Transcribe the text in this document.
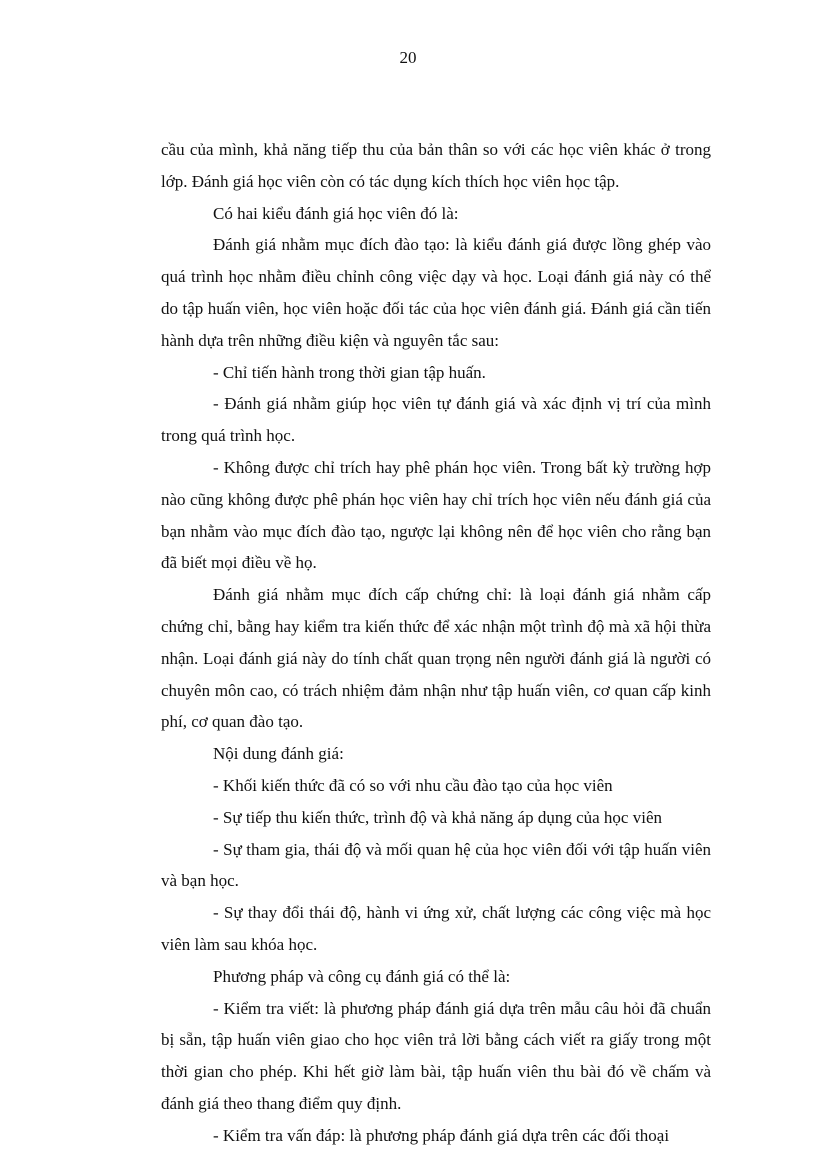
20

cầu của mình, khả năng tiếp thu của bản thân so với các học viên khác ở trong lớp. Đánh giá học viên còn có tác dụng kích thích học viên học tập.

Có hai kiểu đánh giá học viên đó là:

Đánh giá nhằm mục đích đào tạo: là kiểu đánh giá được lồng ghép vào quá trình học nhằm điều chỉnh công việc dạy và học. Loại đánh giá này có thể do tập huấn viên, học viên hoặc đối tác của học viên đánh giá. Đánh giá cần tiến hành dựa trên những điều kiện và nguyên tắc sau:

- Chỉ tiến hành trong thời gian tập huấn.

- Đánh giá nhằm giúp học viên tự đánh giá và xác định vị trí của mình trong quá trình học.

- Không được chỉ trích hay phê phán học viên. Trong bất kỳ trường hợp nào cũng không được phê phán học viên hay chỉ trích học viên nếu đánh giá của bạn nhằm vào mục đích đào tạo, ngược lại không nên để học viên cho rằng bạn đã biết mọi điều về họ.

Đánh giá nhằm mục đích cấp chứng chỉ: là loại đánh giá nhằm cấp chứng chỉ, bằng hay kiểm tra kiến thức để xác nhận một trình độ mà xã hội thừa nhận. Loại đánh giá này do tính chất quan trọng nên người đánh giá là người có chuyên môn cao, có trách nhiệm đảm nhận như tập huấn viên, cơ quan cấp kinh phí, cơ quan đào tạo.

Nội dung đánh giá:

- Khối kiến thức đã có so với nhu cầu đào tạo của học viên

- Sự tiếp thu kiến thức, trình độ và khả năng áp dụng của học viên

- Sự tham gia, thái độ và mối quan hệ của học viên đối với tập huấn viên và bạn học.

- Sự thay đổi thái độ, hành vi ứng xử, chất lượng các công việc mà học viên làm sau khóa học.

Phương pháp và công cụ đánh giá có thể là:

- Kiểm tra viết: là phương pháp đánh giá dựa trên mẫu câu hỏi đã chuẩn bị sẵn, tập huấn viên giao cho học viên trả lời bằng cách viết ra giấy trong một thời gian cho phép. Khi hết giờ làm bài, tập huấn viên thu bài đó về chấm và đánh giá theo thang điểm quy định.

- Kiểm tra vấn đáp: là phương pháp đánh giá dựa trên các đối thoại
